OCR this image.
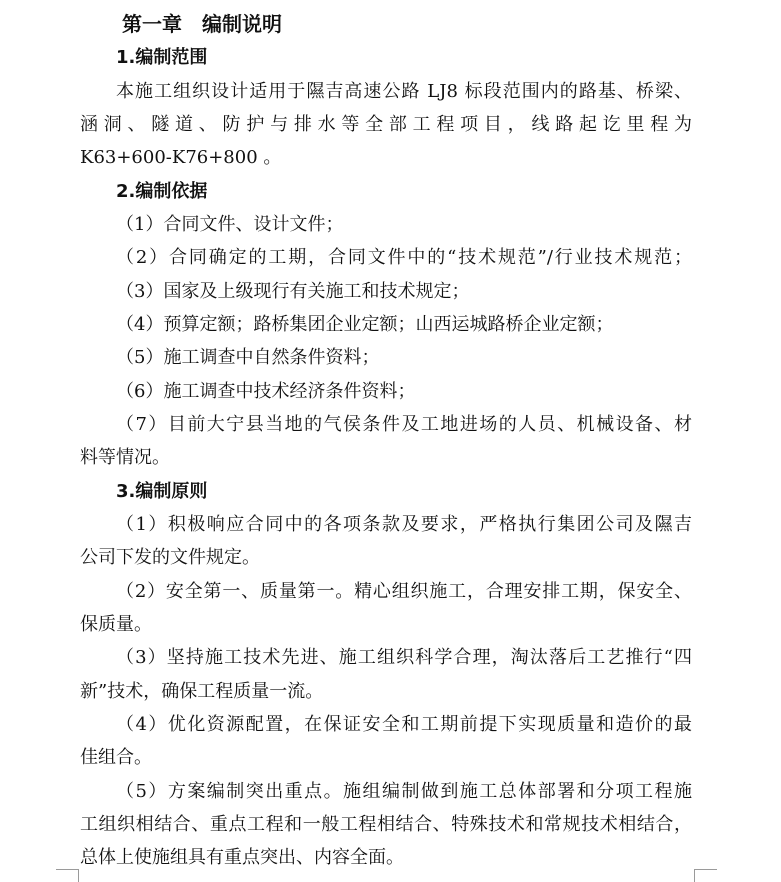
第一章　编制说明
1.编制范围
本施工组织设计适用于隰吉高速公路 LJ8 标段范围内的路基、桥梁、
涵洞、隧道、防护与排水等全部工程项目，线路起讫里程为
K63+600-K76+800 。
2.编制依据
（1）合同文件、设计文件；
（2）合同确定的工期，合同文件中的“技术规范”/行业技术规范；
（3）国家及上级现行有关施工和技术规定；
（4）预算定额；路桥集团企业定额；山西运城路桥企业定额；
（5）施工调查中自然条件资料；
（6）施工调查中技术经济条件资料；
（7）目前大宁县当地的气侯条件及工地进场的人员、机械设备、材
料等情况。
3.编制原则
（1）积极响应合同中的各项条款及要求，严格执行集团公司及隰吉
公司下发的文件规定。
（2）安全第一、质量第一。精心组织施工，合理安排工期，保安全、
保质量。
（3）坚持施工技术先进、施工组织科学合理，淘汰落后工艺推行“四
新”技术，确保工程质量一流。
（4）优化资源配置，在保证安全和工期前提下实现质量和造价的最
佳组合。
（5）方案编制突出重点。施组编制做到施工总体部署和分项工程施
工组织相结合、重点工程和一般工程相结合、特殊技术和常规技术相结合，
总体上使施组具有重点突出、内容全面。
